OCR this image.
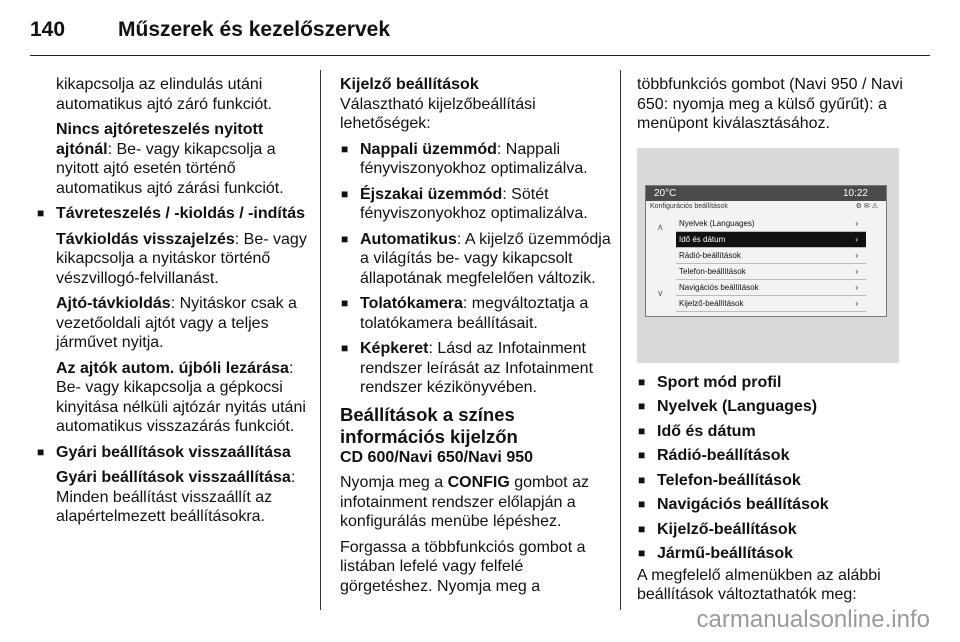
140	Műszerek és kezelőszervek

kikapcsolja az elindulás utáni automatikus ajtó záró funkciót.

Nincs ajtóreteszelés nyitott ajtónál: Be- vagy kikapcsolja a nyitott ajtó esetén történő automatikus ajtó zárási funkciót.

■ Távreteszelés / -kioldás / -indítás

Távkioldás visszajelzés: Be- vagy kikapcsolja a nyitáskor történő vészvillogó-felvillanást.

Ajtó-távkioldás: Nyitáskor csak a vezetőoldali ajtót vagy a teljes járművet nyitja.

Az ajtók autom. újbóli lezárása: Be- vagy kikapcsolja a gépkocsi kinyitása nélküli ajtózár nyitás utáni automatikus visszazárás funkciót.

■ Gyári beállítások visszaállítása

Gyári beállítások visszaállítása: Minden beállítást visszaállít az alapértelmezett beállításokra.

Kijelző beállítások

Választható kijelzőbeállítási lehetőségek:

■ Nappali üzemmód: Nappali fényviszonyokhoz optimalizálva.

■ Éjszakai üzemmód: Sötét fényviszonyokhoz optimalizálva.

■ Automatikus: A kijelző üzemmódja a világítás be- vagy kikapcsolt állapotának megfelelően változik.

■ Tolatókamera: megváltoztatja a tolatókamera beállításait.

■ Képkeret: Lásd az Infotainment rendszer leírását az Infotainment rendszer kézikönyvében.

Beállítások a színes információs kijelzőn

CD 600/Navi 650/Navi 950

Nyomja meg a CONFIG gombot az infotainment rendszer előlapján a konfigurálás menübe lépéshez.

Forgassa a többfunkciós gombot a listában lefelé vagy felfelé görgetéshez. Nyomja meg a

többfunkciós gombot (Navi 950 / Navi 650: nyomja meg a külső gyűrűt): a menüpont kiválasztásához.

20°C	10:22
Konfigurációs beállítások	⚙✉⚠
∧
∨
Nyelvek (Languages)	›
Idő és dátum	›
Rádió-beállítások	›
Telefon-beállítások	›
Navigációs beállítások	›
Kijelző-beállítások	›

■ Sport mód profil

■ Nyelvek (Languages)

■ Idő és dátum

■ Rádió-beállítások

■ Telefon-beállítások

■ Navigációs beállítások

■ Kijelző-beállítások

■ Jármű-beállítások

A megfelelő almenükben az alábbi beállítások változtathatók meg:

carmanualsonline.info
